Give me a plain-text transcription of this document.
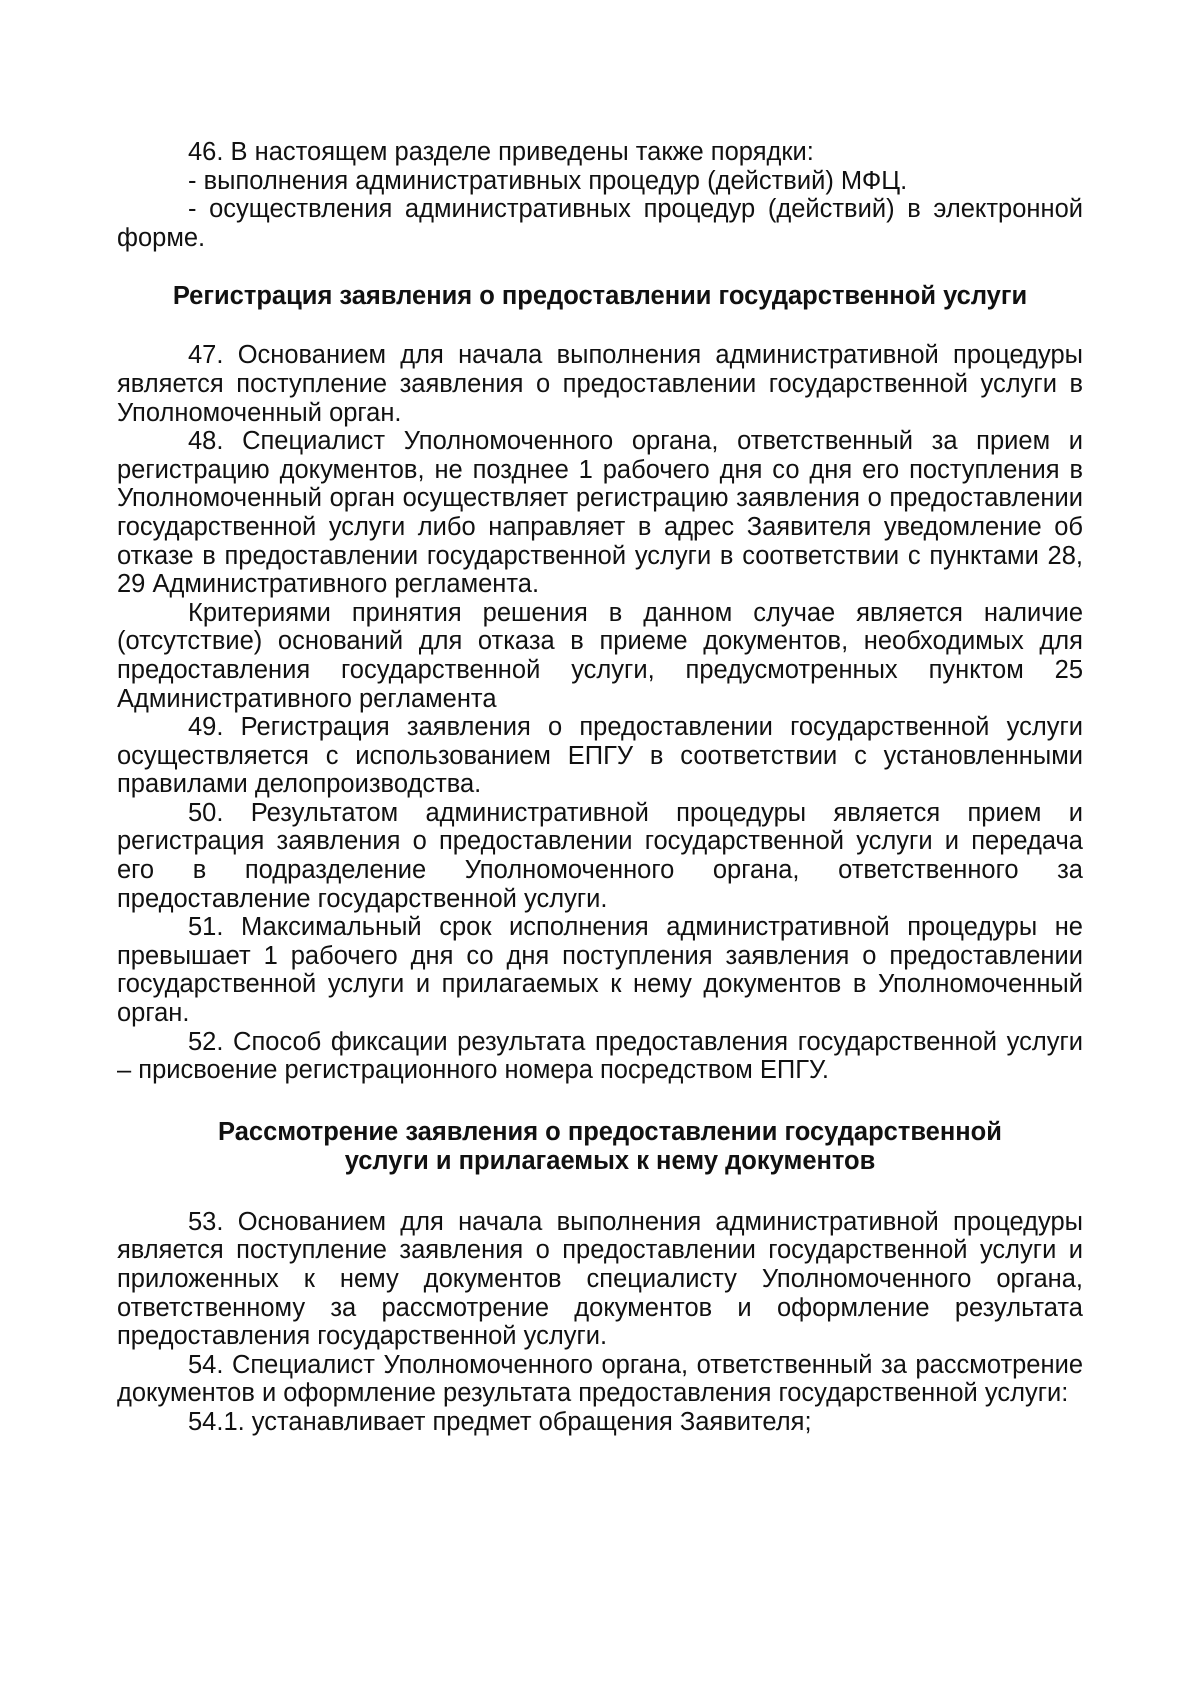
46. В настоящем разделе приведены также порядки:

- выполнения административных процедур (действий) МФЦ.

- осуществления административных процедур (действий) в электронной форме.

Регистрация заявления о предоставлении государственной услуги

47. Основанием для начала выполнения административной процедуры является поступление заявления о предоставлении государственной услуги в Уполномоченный орган.

48. Специалист Уполномоченного органа, ответственный за прием и регистрацию документов, не позднее 1 рабочего дня со дня его поступления в Уполномоченный орган осуществляет регистрацию заявления о предоставлении государственной услуги либо направляет в адрес Заявителя уведомление об отказе в предоставлении государственной услуги в соответствии с пунктами 28, 29 Административного регламента.

Критериями принятия решения в данном случае является наличие (отсутствие) оснований для отказа в приеме документов, необходимых для предоставления государственной услуги, предусмотренных пунктом 25 Административного регламента

49. Регистрация заявления о предоставлении государственной услуги осуществляется с использованием ЕПГУ в соответствии с установленными правилами делопроизводства.

50. Результатом административной процедуры является прием и регистрация заявления о предоставлении государственной услуги и передача его в подразделение Уполномоченного органа, ответственного за предоставление государственной услуги.

51. Максимальный срок исполнения административной процедуры не превышает 1 рабочего дня со дня поступления заявления о предоставлении государственной услуги и прилагаемых к нему документов в Уполномоченный орган.

52. Способ фиксации результата предоставления государственной услуги – присвоение регистрационного номера посредством ЕПГУ.

Рассмотрение заявления о предоставлении государственной
услуги и прилагаемых к нему документов

53. Основанием для начала выполнения административной процедуры является поступление заявления о предоставлении государственной услуги и приложенных к нему документов специалисту Уполномоченного органа, ответственному за рассмотрение документов и оформление результата предоставления государственной услуги.

54. Специалист Уполномоченного органа, ответственный за рассмотрение документов и оформление результата предоставления государственной услуги:

54.1. устанавливает предмет обращения Заявителя;
